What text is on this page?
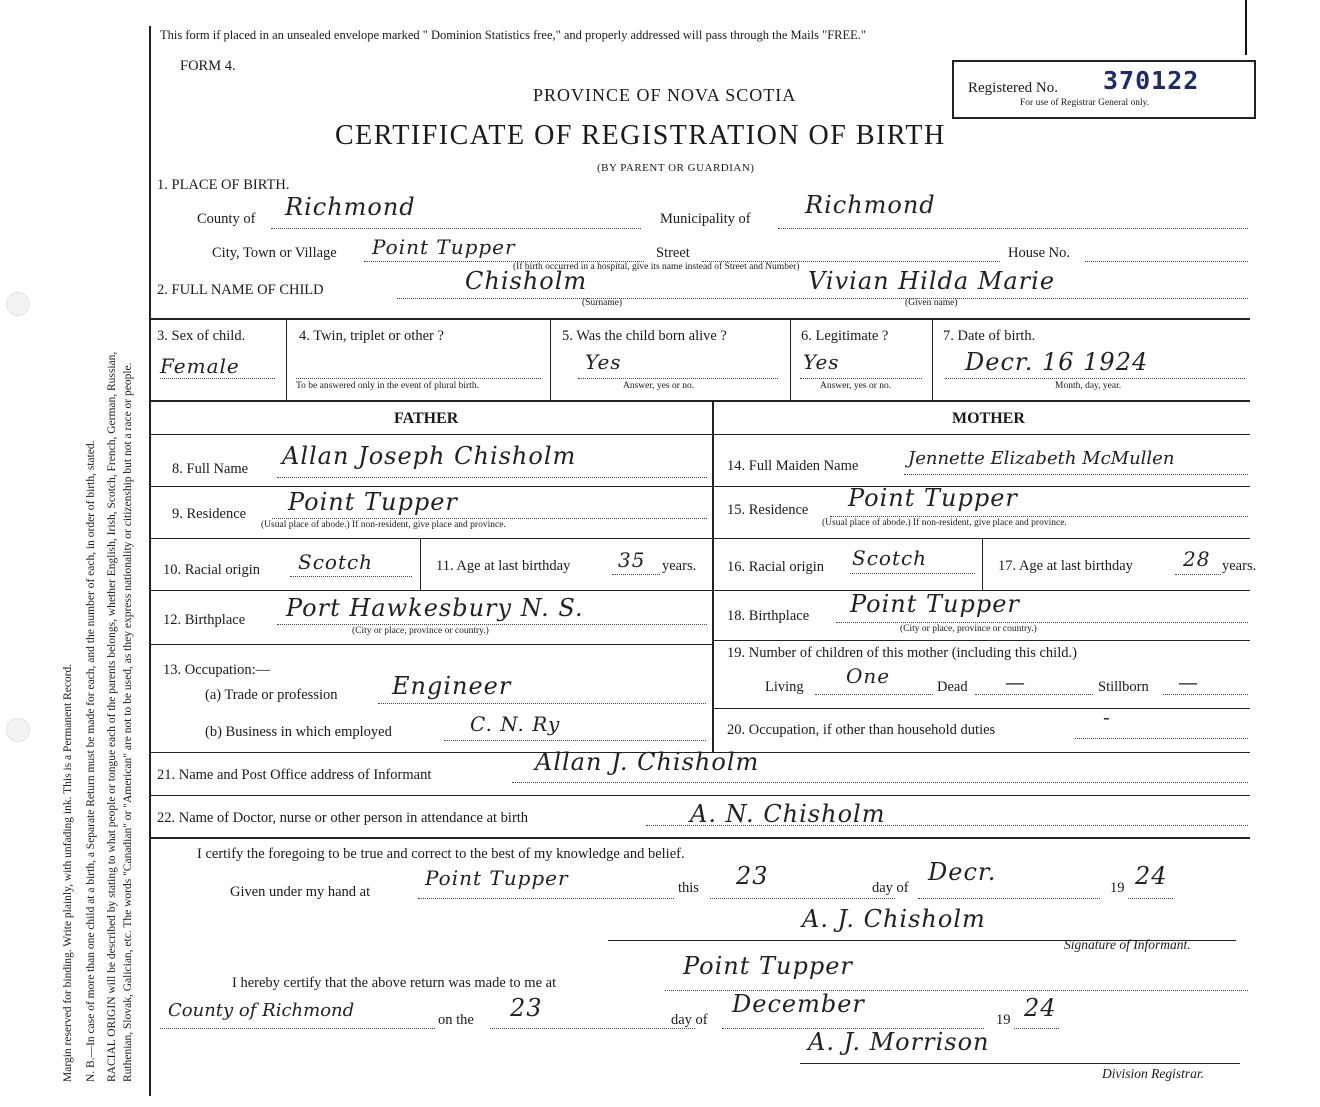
Margin reserved for binding. Write plainly, with unfading ink. This is a Permanent Record. N. B.—In case of more than one child at a birth, a Separate Return must be made for each, and the number of each, in order of birth, stated. RACIAL ORIGIN will be described by stating to what people or tongue each of the parents belongs, whether English, Irish, Scotch, French, German, Russian, Ruthenian, Slovak, Galician, etc. The words "Canadian" or "American" are not to be used, as they express nationality or citizenship but not a race or people.
This form if placed in an unsealed envelope marked " Dominion Statistics free," and properly addressed will pass through the Mails "FREE."
FORM 4.
PROVINCE OF NOVA SCOTIA	Registered No. 370122
For use of Registrar General only.
CERTIFICATE OF REGISTRATION OF BIRTH
(BY PARENT OR GUARDIAN)
1. PLACE OF BIRTH.
County of Richmond	Municipality of Richmond
City, Town or Village Point Tupper	Street	House No.
(If birth occurred in a hospital, give its name instead of Street and Number)
2. FULL NAME OF CHILD	Chisholm	Vivian Hilda Marie
(Surname)	(Given name)
3. Sex of child.
Female
4. Twin, triplet or other ?
To be answered only in the event of plural birth.
5. Was the child born alive ?
Yes
Answer, yes or no.
6. Legitimate ?
Yes
Answer, yes or no.
7. Date of birth.
Decr. 16 1924
Month, day, year.
FATHER	MOTHER
8. Full Name Allan Joseph Chisholm
9. Residence Point Tupper
(Usual place of abode.) If non-resident, give place and province.
10. Racial origin Scotch	11. Age at last birthday 35 years.
12. Birthplace Port Hawkesbury N. S.
(City or place, province or country.)
13. Occupation:—
(a) Trade or profession Engineer
(b) Business in which employed	C. N. Ry
14. Full Maiden Name	Jennette Elizabeth McMullen
15. Residence Point Tupper
(Usual place of abode.) If non-resident, give place and province.
16. Racial origin Scotch	17. Age at last birthday	28 years.
18. Birthplace Point Tupper
(City or place, province or country.)
19. Number of children of this mother (including this child.)
Living One	Dead —	Stillborn —
20. Occupation, if other than household duties
-
21. Name and Post Office address of Informant	Allan J. Chisholm
22. Name of Doctor, nurse or other person in attendance at birth	A. N. Chisholm
I certify the foregoing to be true and correct to the best of my knowledge and belief.
Given under my hand at
Point Tupper	this 23	day of
Decr.
19 24
A. J. Chisholm
Signature of Informant.
I hereby certify that the above return was made to me at
Point Tupper
County of Richmond	on the 23	day of
December
19 24
A. J. Morrison
Division Registrar.
